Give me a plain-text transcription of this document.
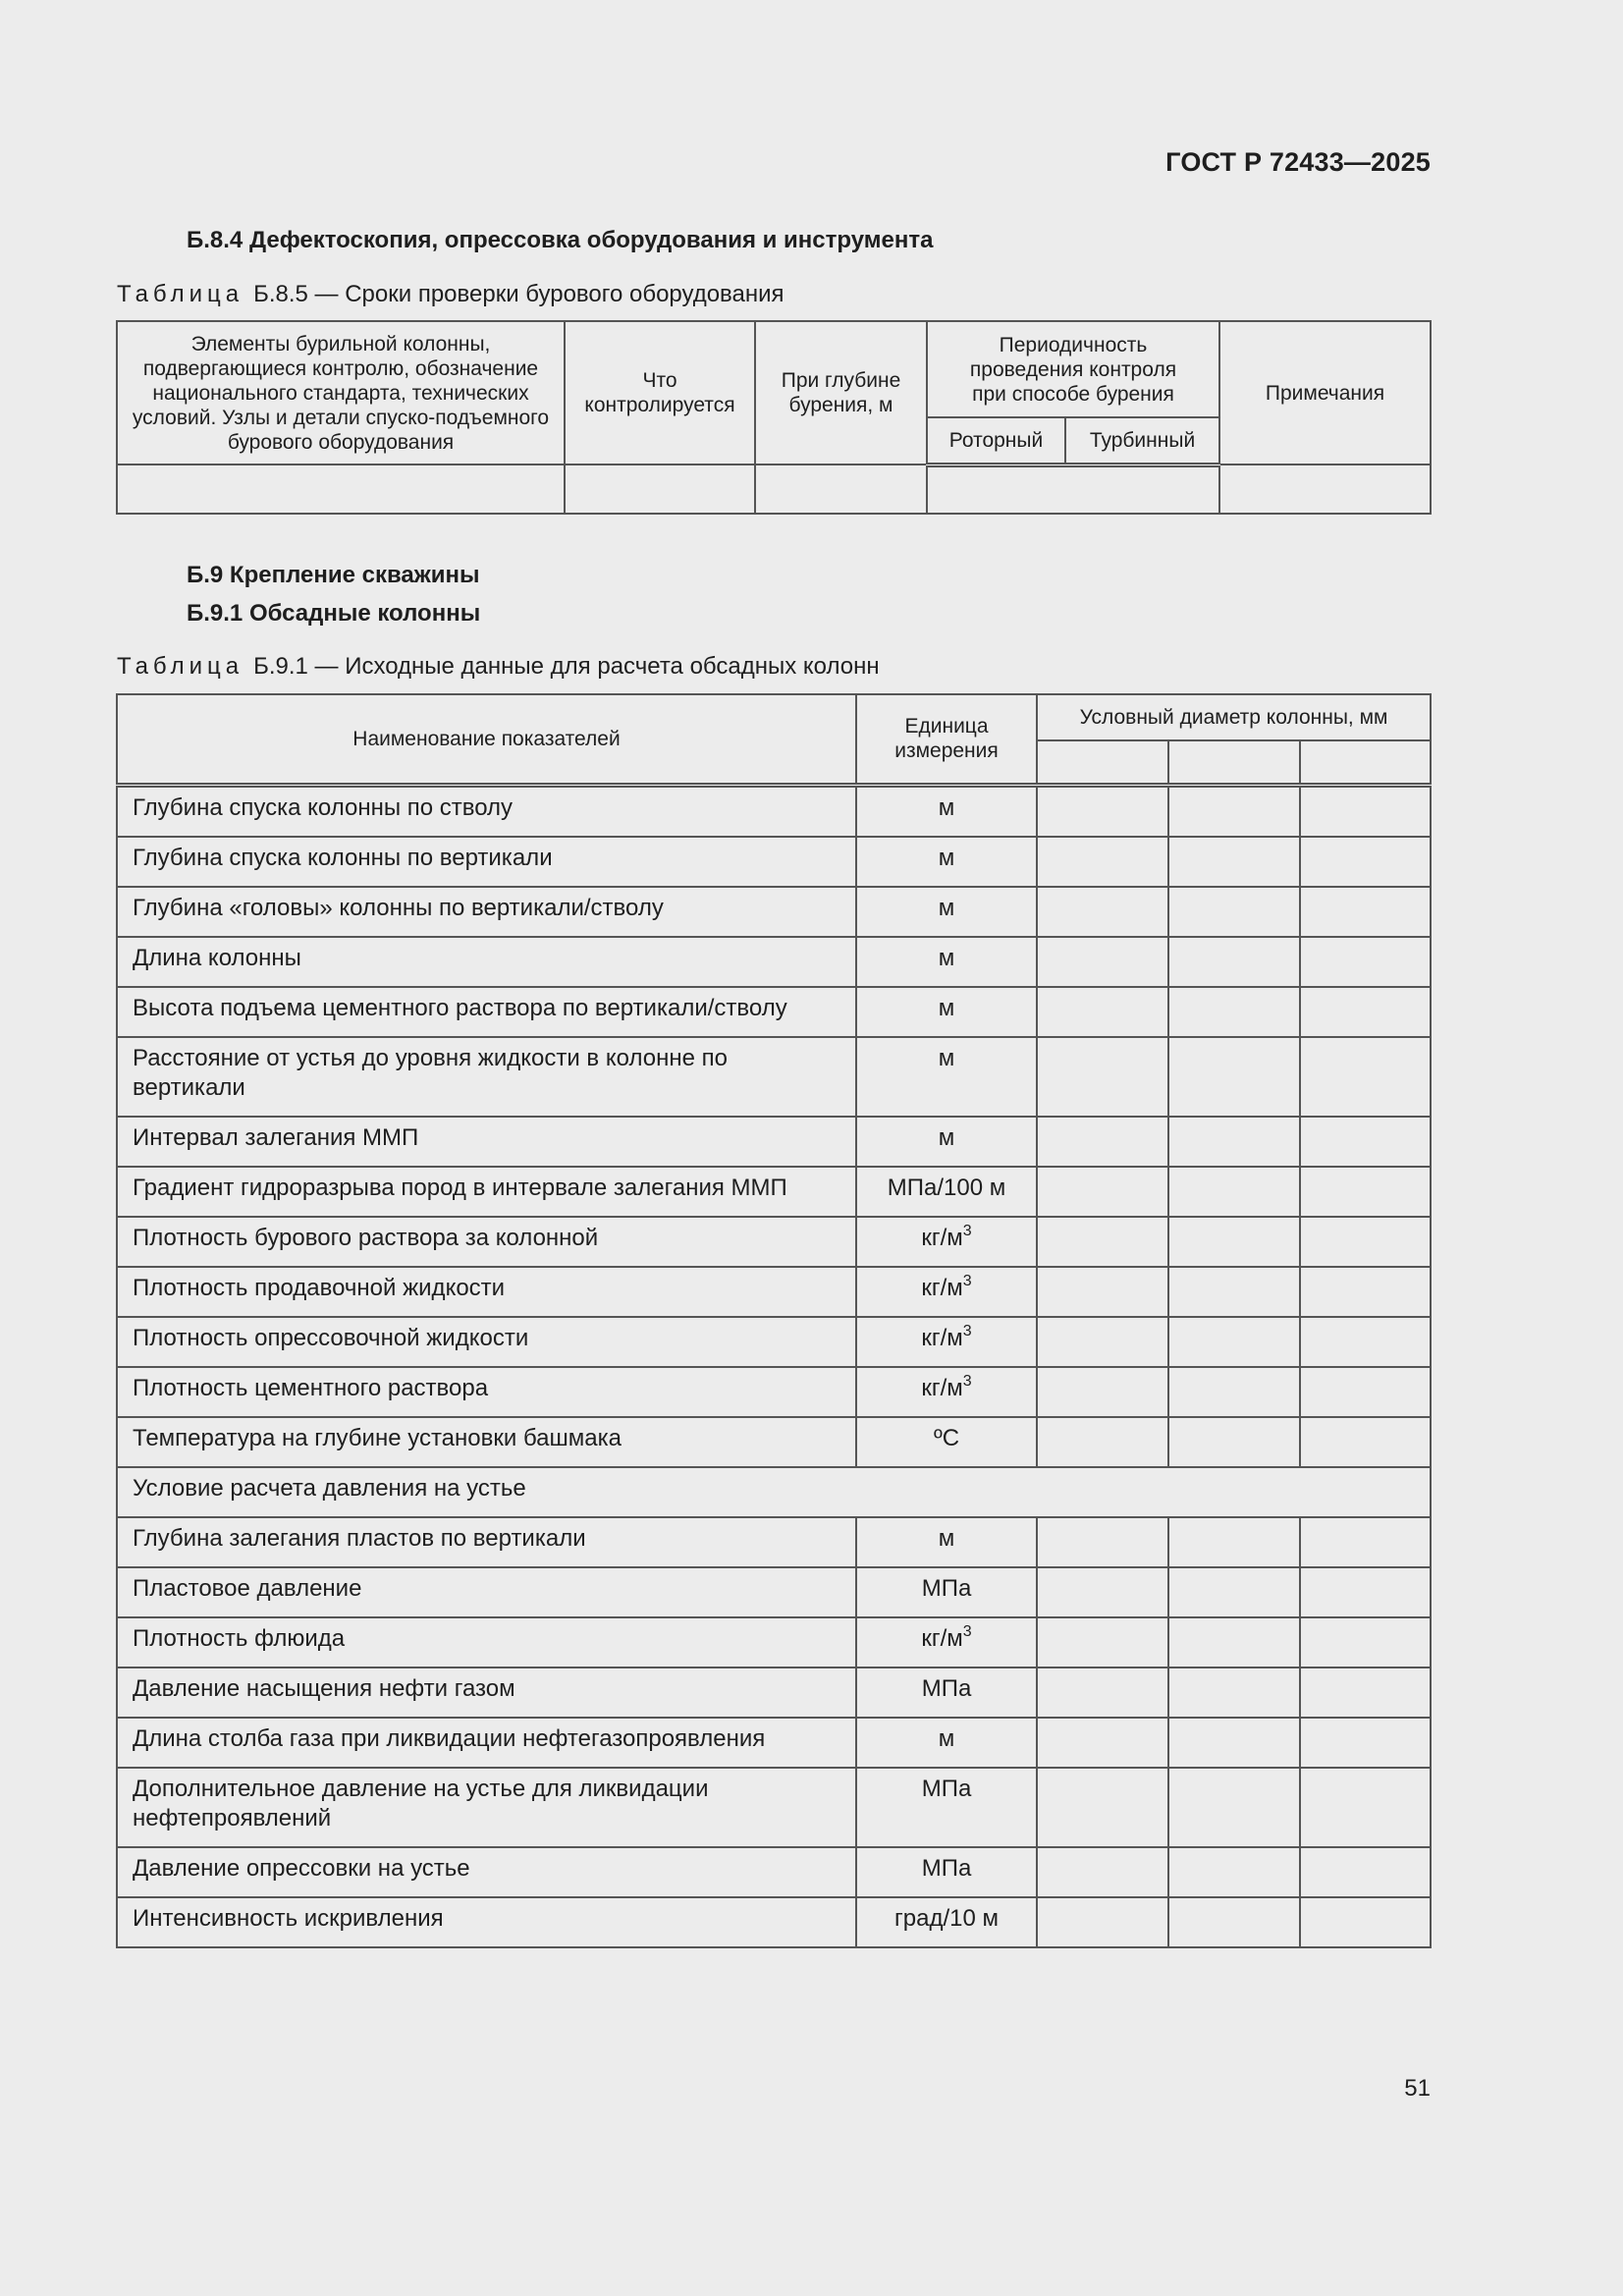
ГОСТ Р 72433—2025
Б.8.4 Дефектоскопия, опрессовка оборудования и инструмента
Таблица Б.8.5 — Сроки проверки бурового оборудования
Элементы бурильной колонны, подвергающиеся контролю, обозначение национального стандарта, технических условий. Узлы и детали спуско-подъемного бурового оборудования	Что контролируется	При глубине бурения, м	Периодичность проведения контроля при способе бурения		Примечания
			Роторный	Турбинный	

Б.9 Крепление скважины
Б.9.1 Обсадные колонны
Таблица Б.9.1 — Исходные данные для расчета обсадных колонн
Наименование показателей	Единица измерения	Условный диаметр колонны, мм		

Глубина спуска колонны по стволу	м			
Глубина спуска колонны по вертикали	м			
Глубина «головы» колонны по вертикали/стволу	м			
Длина колонны	м			
Высота подъема цементного раствора по вертикали/стволу	м			
Расстояние от устья до уровня жидкости в колонне по вертикали	м			
Интервал залегания ММП	м			
Градиент гидроразрыва пород в интервале залегания ММП	МПа/100 м			
Плотность бурового раствора за колонной	$кг/м^3$			
Плотность продавочной жидкости	$кг/м^3$			
Плотность опрессовочной жидкости	$кг/м^3$			
Плотность цементного раствора	$кг/м^3$			
Температура на глубине установки башмака	ºС			
Условие расчета давления на устье				
Глубина залегания пластов по вертикали	м			
Пластовое давление	МПа			
Плотность флюида	$кг/м^3$			
Давление насыщения нефти газом	МПа			
Длина столба газа при ликвидации нефтегазопроявления	м			
Дополнительное давление на устье для ликвидации нефтепроявлений	МПа			
Давление опрессовки на устье	МПа			
Интенсивность искривления	град/10 м			
51
